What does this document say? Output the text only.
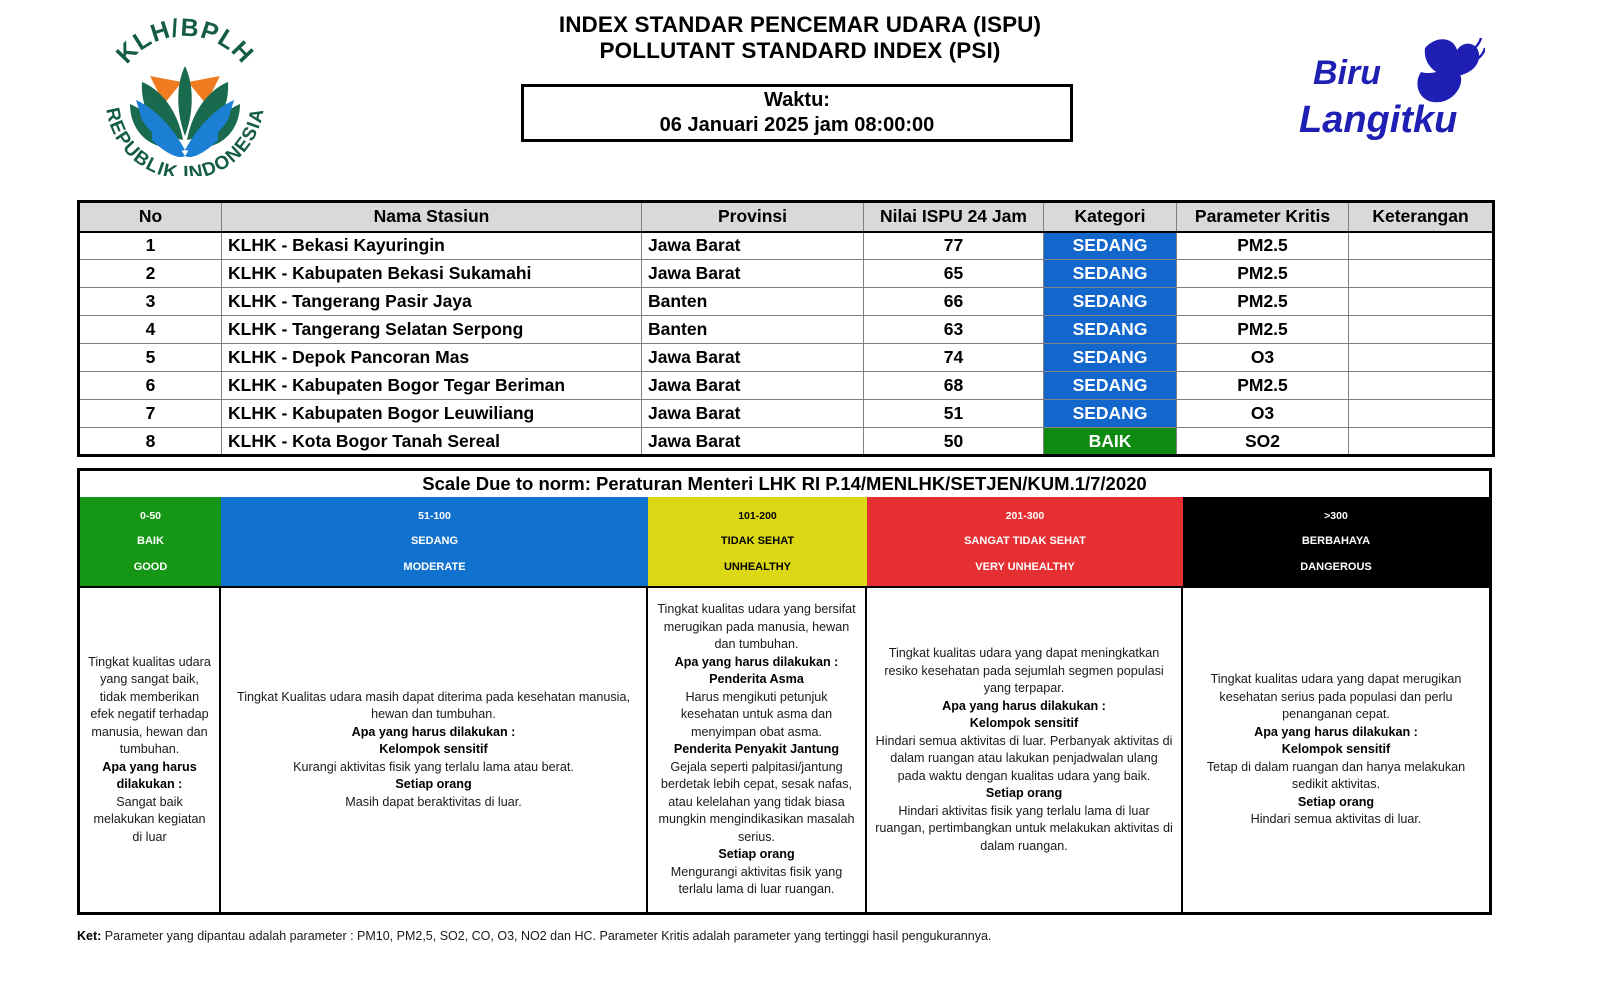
KLH/BPLH
REPUBLIK INDONESIA
INDEX STANDAR PENCEMAR UDARA (ISPU)
POLLUTANT STANDARD INDEX (PSI)
Waktu:
06 Januari 2025 jam 08:00:00
Biru
Langitku
No	Nama Stasiun	Provinsi	Nilai ISPU 24 Jam	Kategori	Parameter Kritis	Keterangan
1	KLHK - Bekasi Kayuringin	Jawa Barat	77	SEDANG	PM2.5	
2	KLHK - Kabupaten Bekasi Sukamahi	Jawa Barat	65	SEDANG	PM2.5	
3	KLHK - Tangerang Pasir Jaya	Banten	66	SEDANG	PM2.5	
4	KLHK - Tangerang Selatan Serpong	Banten	63	SEDANG	PM2.5	
5	KLHK - Depok Pancoran Mas	Jawa Barat	74	SEDANG	O3	
6	KLHK - Kabupaten Bogor Tegar Beriman	Jawa Barat	68	SEDANG	PM2.5	
7	KLHK - Kabupaten Bogor Leuwiliang	Jawa Barat	51	SEDANG	O3	
8	KLHK - Kota Bogor Tanah Sereal	Jawa Barat	50	BAIK	SO2	
Scale Due to norm: Peraturan Menteri LHK RI P.14/MENLHK/SETJEN/KUM.1/7/2020
0-50
BAIK
GOOD
51-100
SEDANG
MODERATE
101-200
TIDAK SEHAT
UNHEALTHY
201-300
SANGAT TIDAK SEHAT
VERY UNHEALTHY
>300
BERBAHAYA
DANGEROUS
Tingkat kualitas udara yang sangat baik, tidak memberikan efek negatif terhadap manusia, hewan dan tumbuhan.
Apa yang harus dilakukan :
Sangat baik melakukan kegiatan di luar
Tingkat Kualitas udara masih dapat diterima pada kesehatan manusia, hewan dan tumbuhan.
Apa yang harus dilakukan :
Kelompok sensitif
Kurangi aktivitas fisik yang terlalu lama atau berat.
Setiap orang
Masih dapat beraktivitas di luar.
Tingkat kualitas udara yang bersifat merugikan pada manusia, hewan dan tumbuhan.
Apa yang harus dilakukan :
Penderita Asma
Harus mengikuti petunjuk kesehatan untuk asma dan menyimpan obat asma.
Penderita Penyakit Jantung
Gejala seperti palpitasi/jantung berdetak lebih cepat, sesak nafas, atau kelelahan yang tidak biasa mungkin mengindikasikan masalah serius.
Setiap orang
Mengurangi aktivitas fisik yang terlalu lama di luar ruangan.
Tingkat kualitas udara yang dapat meningkatkan resiko kesehatan pada sejumlah segmen populasi yang terpapar.
Apa yang harus dilakukan :
Kelompok sensitif
Hindari semua aktivitas di luar. Perbanyak aktivitas di dalam ruangan atau lakukan penjadwalan ulang pada waktu dengan kualitas udara yang baik.
Setiap orang
Hindari aktivitas fisik yang terlalu lama di luar ruangan, pertimbangkan untuk melakukan aktivitas di dalam ruangan.
Tingkat kualitas udara yang dapat merugikan kesehatan serius pada populasi dan perlu penanganan cepat.
Apa yang harus dilakukan :
Kelompok sensitif
Tetap di dalam ruangan dan hanya melakukan sedikit aktivitas.
Setiap orang
Hindari semua aktivitas di luar.
Ket: Parameter yang dipantau adalah parameter : PM10, PM2,5, SO2, CO, O3, NO2 dan HC. Parameter Kritis adalah parameter yang tertinggi hasil pengukurannya.
